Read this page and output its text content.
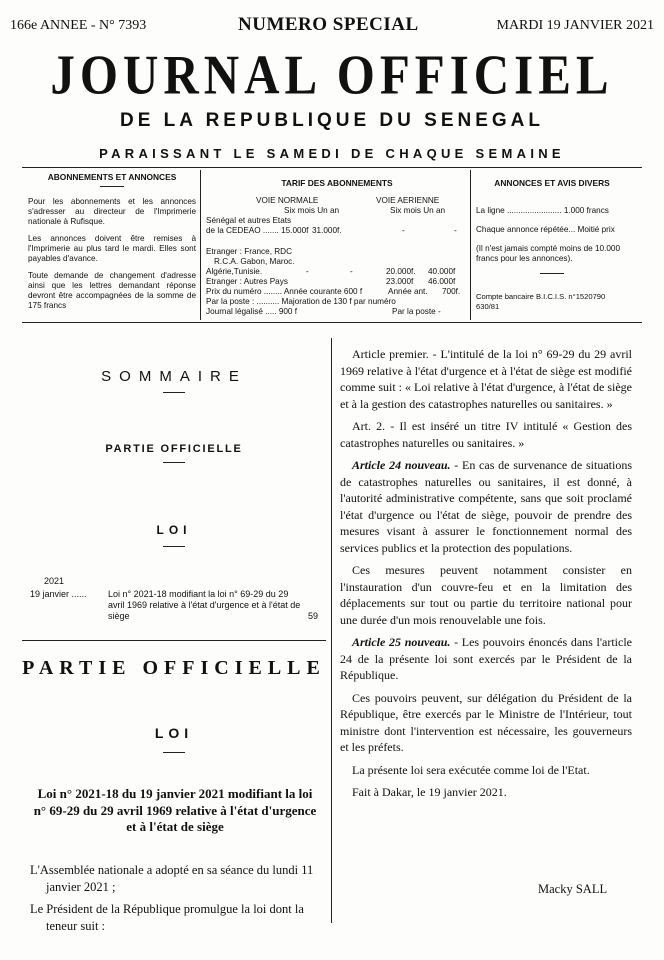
166e ANNEE - N° 7393	NUMERO SPECIAL	MARDI 19 JANVIER 2021
JOURNAL OFFICIEL
DE LA REPUBLIQUE DU SENEGAL
PARAISSANT LE SAMEDI DE CHAQUE SEMAINE
ABONNEMENTS ET ANNONCES

Pour les abonnements et les annonces s'adresser au directeur de l'Imprimerie nationale à Rufisque.

Les annonces doivent être remises à l'Imprimerie au plus tard le mardi. Elles sont payables d'avance.

Toute demande de changement d'adresse ainsi que les lettres demandant réponse devront être accompagnées de la somme de 175 francs

TARIF DES ABONNEMENTS
VOIE NORMALE	VOIE AERIENNE
Six mois Un an	Six mois Un an
Sénégal et autres Etats
de la CEDEAO ....... 15.000f 31.000f.	-	-
Etranger : France, RDC
R.C.A. Gabon, Maroc.
Algérie,Tunisie.	-	-	20.000f. 40.000f
Etranger : Autres Pays	23.000f 46.000f
Prix du numéro ........ Année courante 600 f	Année ant. 700f.
Par la poste : .......... Majoration de 130 f par numéro
Journal légalisé ..... 900 f	Par la poste -
ANNONCES ET AVIS DIVERS

La ligne ........................ 1.000 francs

Chaque annonce répétée... Moitié prix

(Il n'est jamais compté moins de 10.000 francs pour les annonces).

Compte bancaire B.I.C.I.S. n°1520790 630/81

SOMMAIRE
PARTIE OFFICIELLE
LOI
2021
19 janvier ...... Loi n° 2021-18 modifiant la loi n° 69-29 du 29 avril 1969 relative à l'état d'urgence et à l'état de siège	59
PARTIE OFFICIELLE
LOI
Loi n° 2021-18 du 19 janvier 2021 modifiant la loi n° 69-29 du 29 avril 1969 relative à l'état d'urgence et à l'état de siège
L'Assemblée nationale a adopté en sa séance du lundi 11 janvier 2021 ;
Le Président de la République promulgue la loi dont la teneur suit :

Article premier. - L'intitulé de la loi n° 69-29 du 29 avril 1969 relative à l'état d'urgence et à l'état de siège est modifié comme suit : « Loi relative à l'état d'urgence, à l'état de siège et à la gestion des catastrophes naturelles ou sanitaires. »

Art. 2. - Il est inséré un titre IV intitulé « Gestion des catastrophes naturelles ou sanitaires. »

Article 24 nouveau. - En cas de survenance de situations de catastrophes naturelles ou sanitaires, il est donné, à l'autorité administrative compétente, sans que soit proclamé l'état d'urgence ou l'état de siège, pouvoir de prendre des mesures visant à assurer le fonctionnement normal des services publics et la protection des populations.

Ces mesures peuvent notamment consister en l'instauration d'un couvre-feu et en la limitation des déplacements sur tout ou partie du territoire national pour une durée d'un mois renouvelable une fois.

Article 25 nouveau. - Les pouvoirs énoncés dans l'article 24 de la présente loi sont exercés par le Président de la République.

Ces pouvoirs peuvent, sur délégation du Président de la République, être exercés par le Ministre de l'Intérieur, tout ministre dont l'intervention est nécessaire, les gouverneurs et les préfets.

La présente loi sera exécutée comme loi de l'Etat.

Fait à Dakar, le 19 janvier 2021.

Macky SALL
